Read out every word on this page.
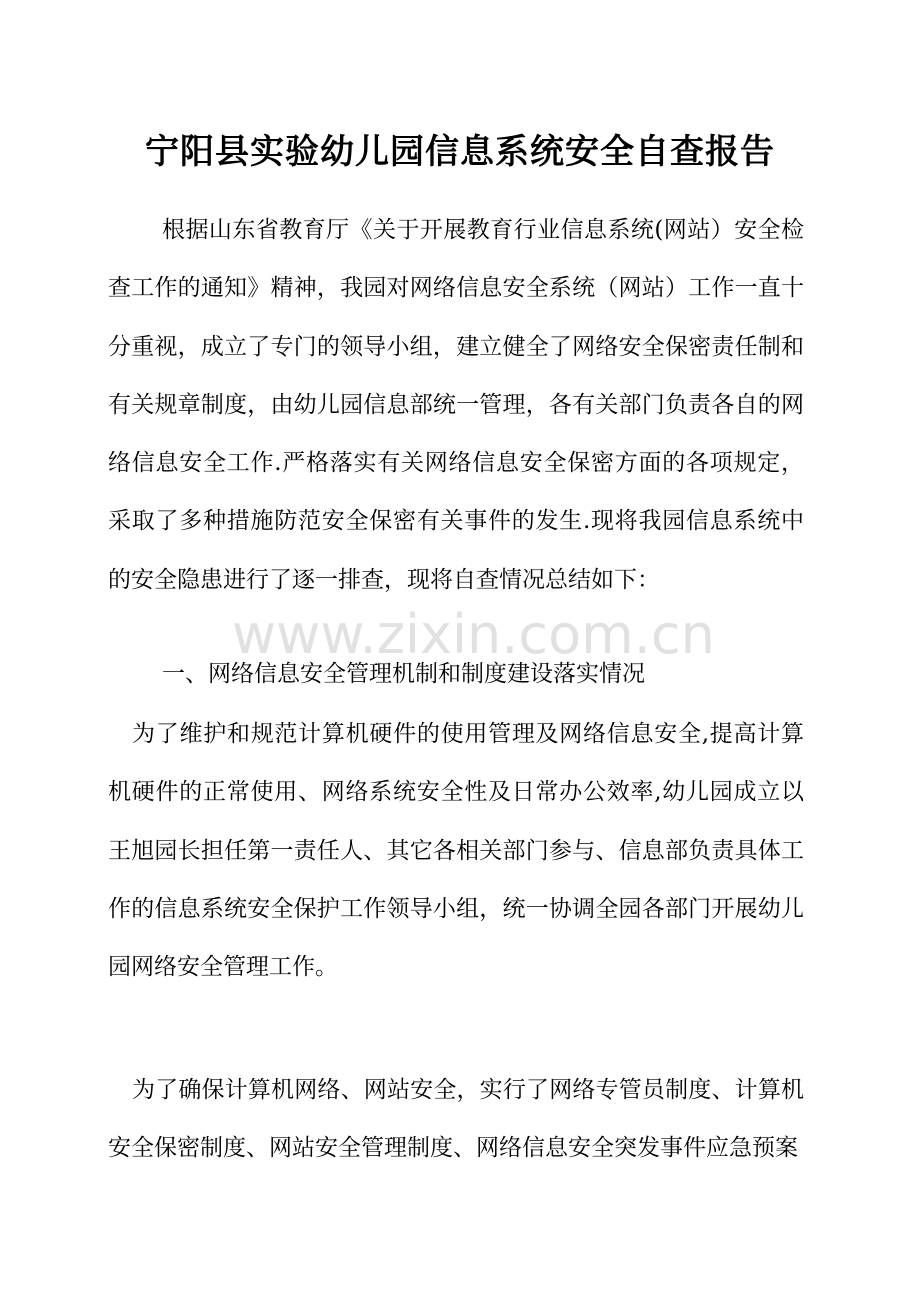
宁阳县实验幼儿园信息系统安全自查报告

根据山东省教育厅《关于开展教育行业信息系统(网站）安全检查工作的通知》精神，我园对网络信息安全系统（网站）工作一直十分重视，成立了专门的领导小组，建立健全了网络安全保密责任制和有关规章制度，由幼儿园信息部统一管理，各有关部门负责各自的网络信息安全工作.严格落实有关网络信息安全保密方面的各项规定，采取了多种措施防范安全保密有关事件的发生.现将我园信息系统中的安全隐患进行了逐一排查，现将自查情况总结如下：

一、网络信息安全管理机制和制度建设落实情况

为了维护和规范计算机硬件的使用管理及网络信息安全,提高计算机硬件的正常使用、网络系统安全性及日常办公效率,幼儿园成立以王旭园长担任第一责任人、其它各相关部门参与、信息部负责具体工作的信息系统安全保护工作领导小组，统一协调全园各部门开展幼儿园网络安全管理工作。

为了确保计算机网络、网站安全，实行了网络专管员制度、计算机安全保密制度、网站安全管理制度、网络信息安全突发事件应急预案

www.zixin.com.cn
